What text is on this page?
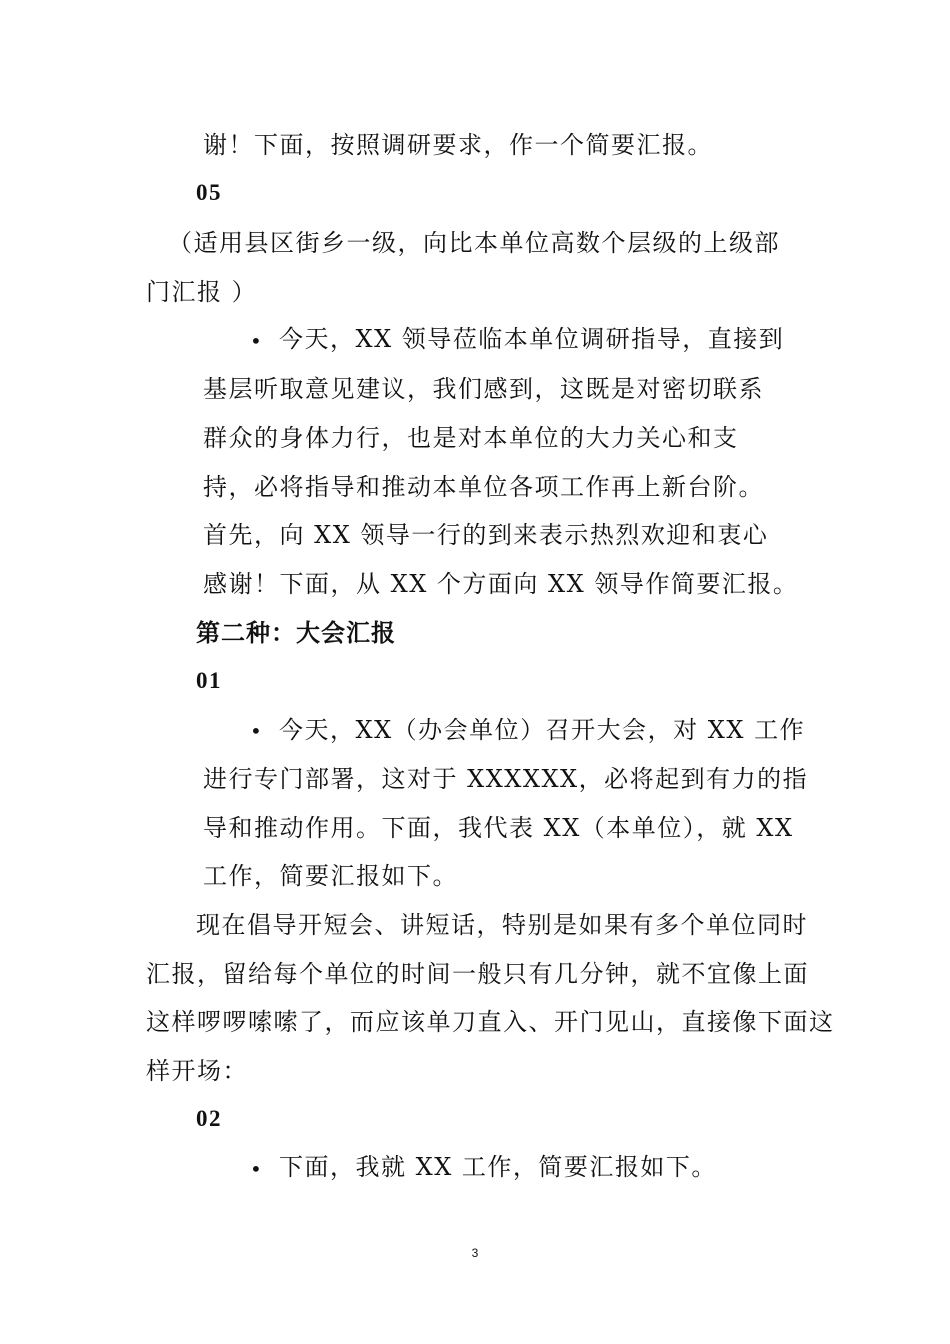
谢！下面，按照调研要求，作一个简要汇报。
05
（适用县区街乡一级，向比本单位高数个层级的上级部
门汇报 ）
• 今天，XX 领导莅临本单位调研指导，直接到
基层听取意见建议，我们感到，这既是对密切联系
群众的身体力行，也是对本单位的大力关心和支
持，必将指导和推动本单位各项工作再上新台阶。
首先，向 XX 领导一行的到来表示热烈欢迎和衷心
感谢！下面，从 XX 个方面向 XX 领导作简要汇报。
第二种：大会汇报
01
• 今天，XX（办会单位）召开大会，对 XX 工作
进行专门部署，这对于 XXXXXX，必将起到有力的指
导和推动作用。下面，我代表 XX（本单位），就 XX
工作，简要汇报如下。
现在倡导开短会、讲短话，特别是如果有多个单位同时
汇报，留给每个单位的时间一般只有几分钟，就不宜像上面
这样啰啰嗦嗦了，而应该单刀直入、开门见山，直接像下面这
样开场：
02
• 下面，我就 XX 工作，简要汇报如下。
3
